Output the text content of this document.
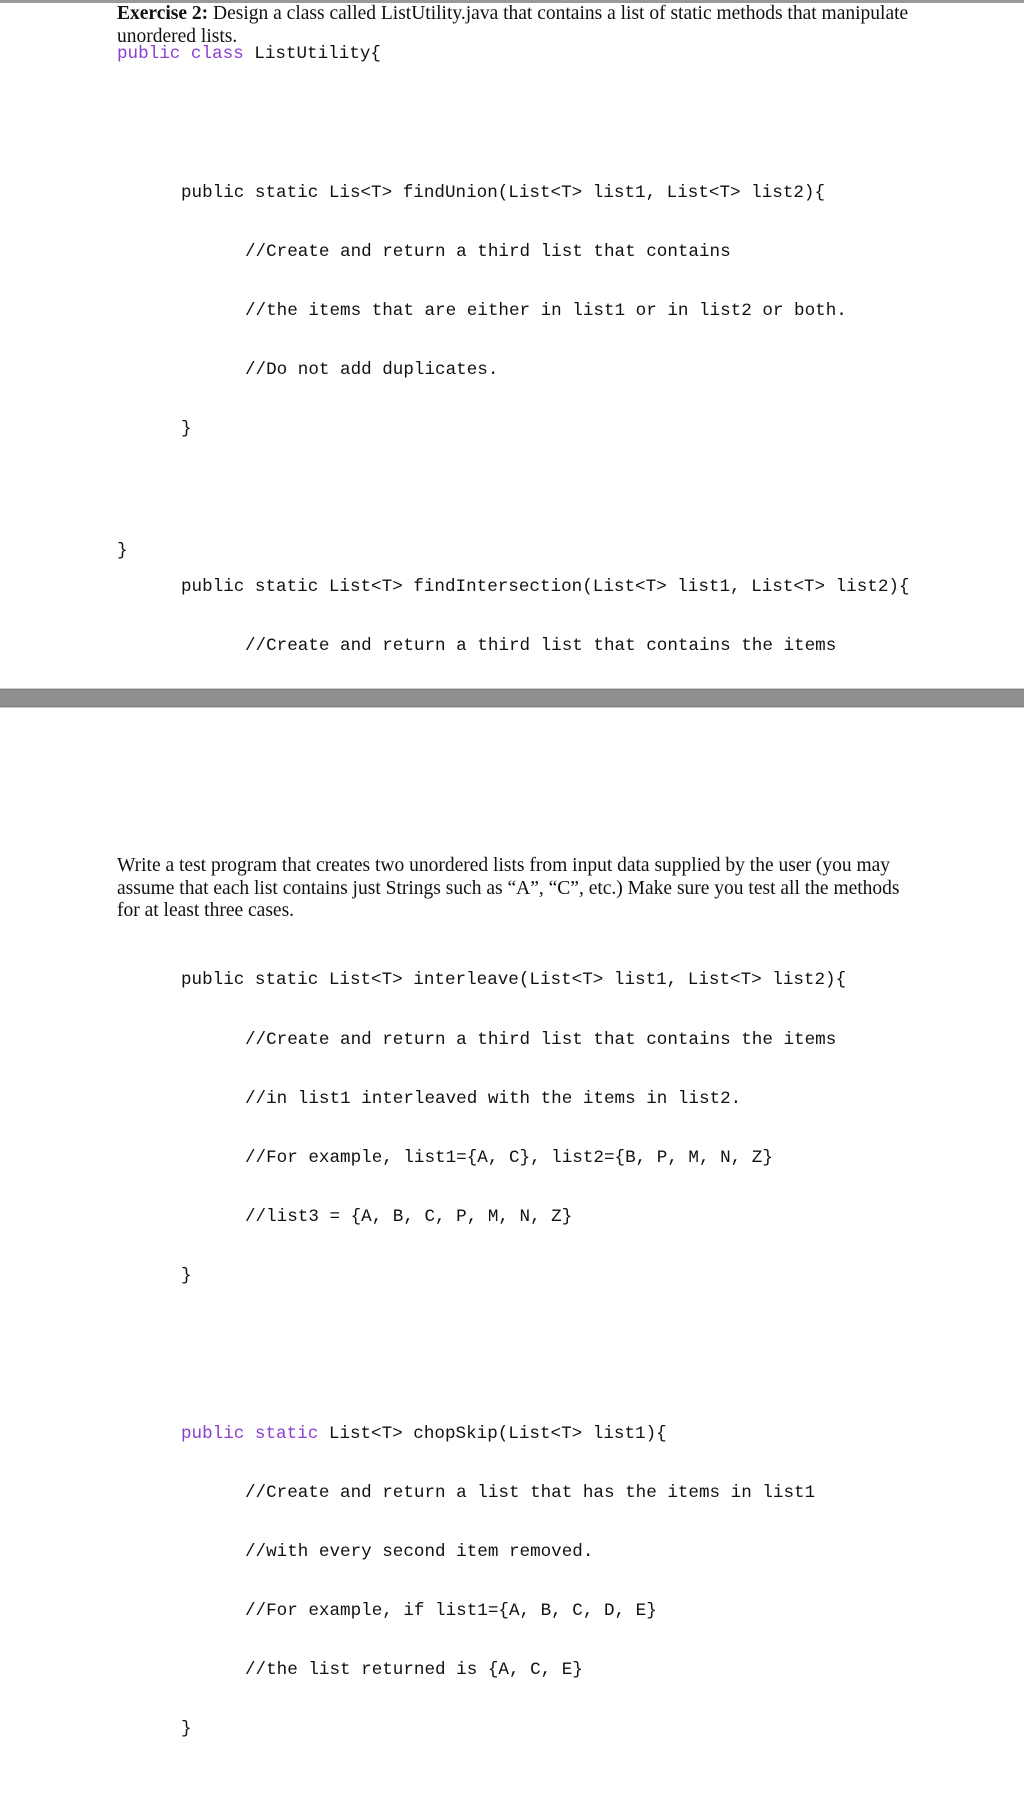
Exercise 2: Design a class called ListUtility.java that contains a list of static methods that manipulate
unordered lists.
public class ListUtility{

public static Lis<T> findUnion(List<T> list1, List<T> list2){

//Create and return a third list that contains

//the items that are either in list1 or in list2 or both.

//Do not add duplicates.

}

public static List<T> findIntersection(List<T> list1, List<T> list2){

//Create and return a third list that contains the items

public static List<T> interleave(List<T> list1, List<T> list2){

//Create and return a third list that contains the items

//in list1 interleaved with the items in list2.

//For example, list1={A, C}, list2={B, P, M, N, Z}

//list3 = {A, B, C, P, M, N, Z}

}

public static List<T> chopSkip(List<T> list1){

//Create and return a list that has the items in list1

//with every second item removed.

//For example, if list1={A, B, C, D, E}

//the list returned is {A, C, E}

}

}
Write a test program that creates two unordered lists from input data supplied by the user (you may
assume that each list contains just Strings such as “A”, “C”, etc.) Make sure you test all the methods
for at least three cases.
